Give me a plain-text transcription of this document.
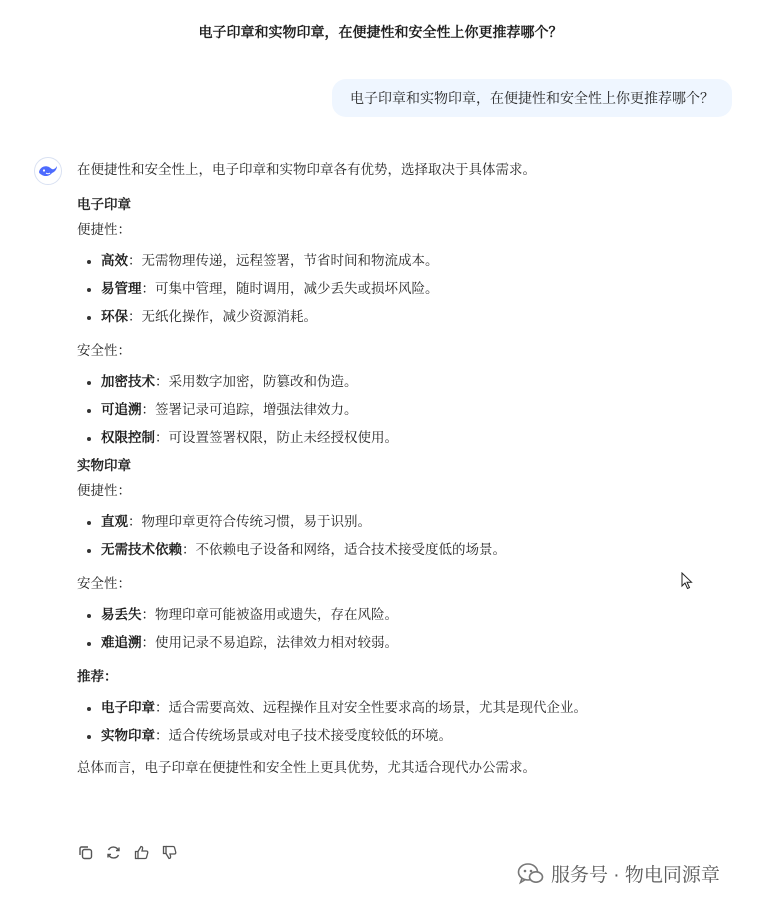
电子印章和实物印章，在便捷性和安全性上你更推荐哪个？
电子印章和实物印章，在便捷性和安全性上你更推荐哪个？

在便捷性和安全性上，电子印章和实物印章各有优势，选择取决于具体需求。

电子印章

便捷性：

高效：无需物理传递，远程签署，节省时间和物流成本。
易管理：可集中管理，随时调用，减少丢失或损坏风险。
环保：无纸化操作，减少资源消耗。

安全性：

加密技术：采用数字加密，防篡改和伪造。
可追溯：签署记录可追踪，增强法律效力。
权限控制：可设置签署权限，防止未经授权使用。

实物印章

便捷性：

直观：物理印章更符合传统习惯，易于识别。
无需技术依赖：不依赖电子设备和网络，适合技术接受度低的场景。

安全性：

易丢失：物理印章可能被盗用或遗失，存在风险。
难追溯：使用记录不易追踪，法律效力相对较弱。

推荐：

电子印章：适合需要高效、远程操作且对安全性要求高的场景，尤其是现代企业。
实物印章：适合传统场景或对电子技术接受度较低的环境。

总体而言，电子印章在便捷性和安全性上更具优势，尤其适合现代办公需求。

服务号 · 物电同源章
